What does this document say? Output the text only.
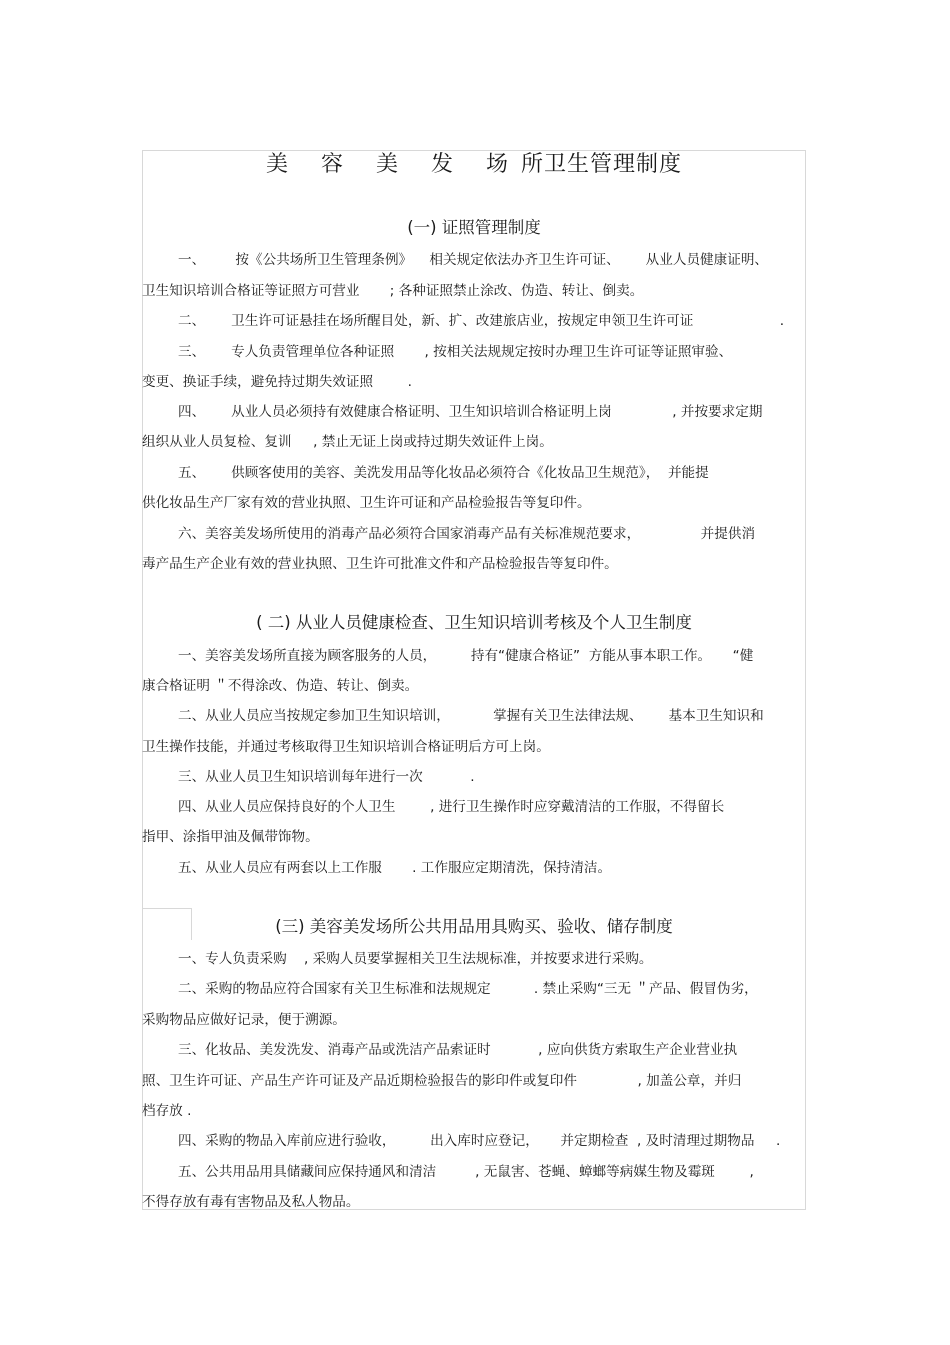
美 容 美 发 场所卫生管理制度
(一) 证照管理制度
一、       按《公共场所卫生管理条例》    相关规定依法办齐卫生许可证、      从业人员健康证明、
卫生知识培训合格证等证照方可营业       ; 各种证照禁止涂改、伪造、转让、倒卖。
二、      卫生许可证悬挂在场所醒目处，新、扩、改建旅店业，按规定申领卫生许可证                    .
三、      专人负责管理单位各种证照       , 按相关法规规定按时办理卫生许可证等证照审验、
变更、换证手续，避免持过期失效证照        .
四、      从业人员必须持有效健康合格证明、卫生知识培训合格证明上岗              , 并按要求定期
组织从业人员复检、复训     , 禁止无证上岗或持过期失效证件上岗。
五、      供顾客使用的美容、美洗发用品等化妆品必须符合《化妆品卫生规范》，  并能提
供化妆品生产厂家有效的营业执照、卫生许可证和产品检验报告等复印件。
六、美容美发场所使用的消毒产品必须符合国家消毒产品有关标准规范要求，              并提供消
毒产品生产企业有效的营业执照、卫生许可批准文件和产品检验报告等复印件。
( 二) 从业人员健康检查、卫生知识培训考核及个人卫生制度
一、美容美发场所直接为顾客服务的人员，        持有“健康合格证”  方能从事本职工作。     “健
康合格证明 ＂不得涂改、伪造、转让、倒卖。
二、从业人员应当按规定参加卫生知识培训，          掌握有关卫生法律法规、      基本卫生知识和
卫生操作技能，并通过考核取得卫生知识培训合格证明后方可上岗。
三、从业人员卫生知识培训每年进行一次           .
四、从业人员应保持良好的个人卫生        , 进行卫生操作时应穿戴清洁的工作服，不得留长
指甲、涂指甲油及佩带饰物。
五、从业人员应有两套以上工作服       . 工作服应定期清洗，保持清洁。
(三) 美容美发场所公共用品用具购买、验收、储存制度
一、专人负责采购    , 采购人员要掌握相关卫生法规标准，并按要求进行采购。
二、采购的物品应符合国家有关卫生标准和法规规定          . 禁止采购“三无 ＂产品、假冒伪劣，
采购物品应做好记录，便于溯源。
三、化妆品、美发洗发、消毒产品或洗洁产品索证时           , 应向供货方索取生产企业营业执
照、卫生许可证、产品生产许可证及产品近期检验报告的影印件或复印件              , 加盖公章，并归
档存放 .
四、采购的物品入库前应进行验收，        出入库时应登记，     并定期检查  , 及时清理过期物品     .
五、公共用品用具储藏间应保持通风和清洁         , 无鼠害、苍蝇、蟑螂等病媒生物及霉斑        ,
不得存放有毒有害物品及私人物品。
